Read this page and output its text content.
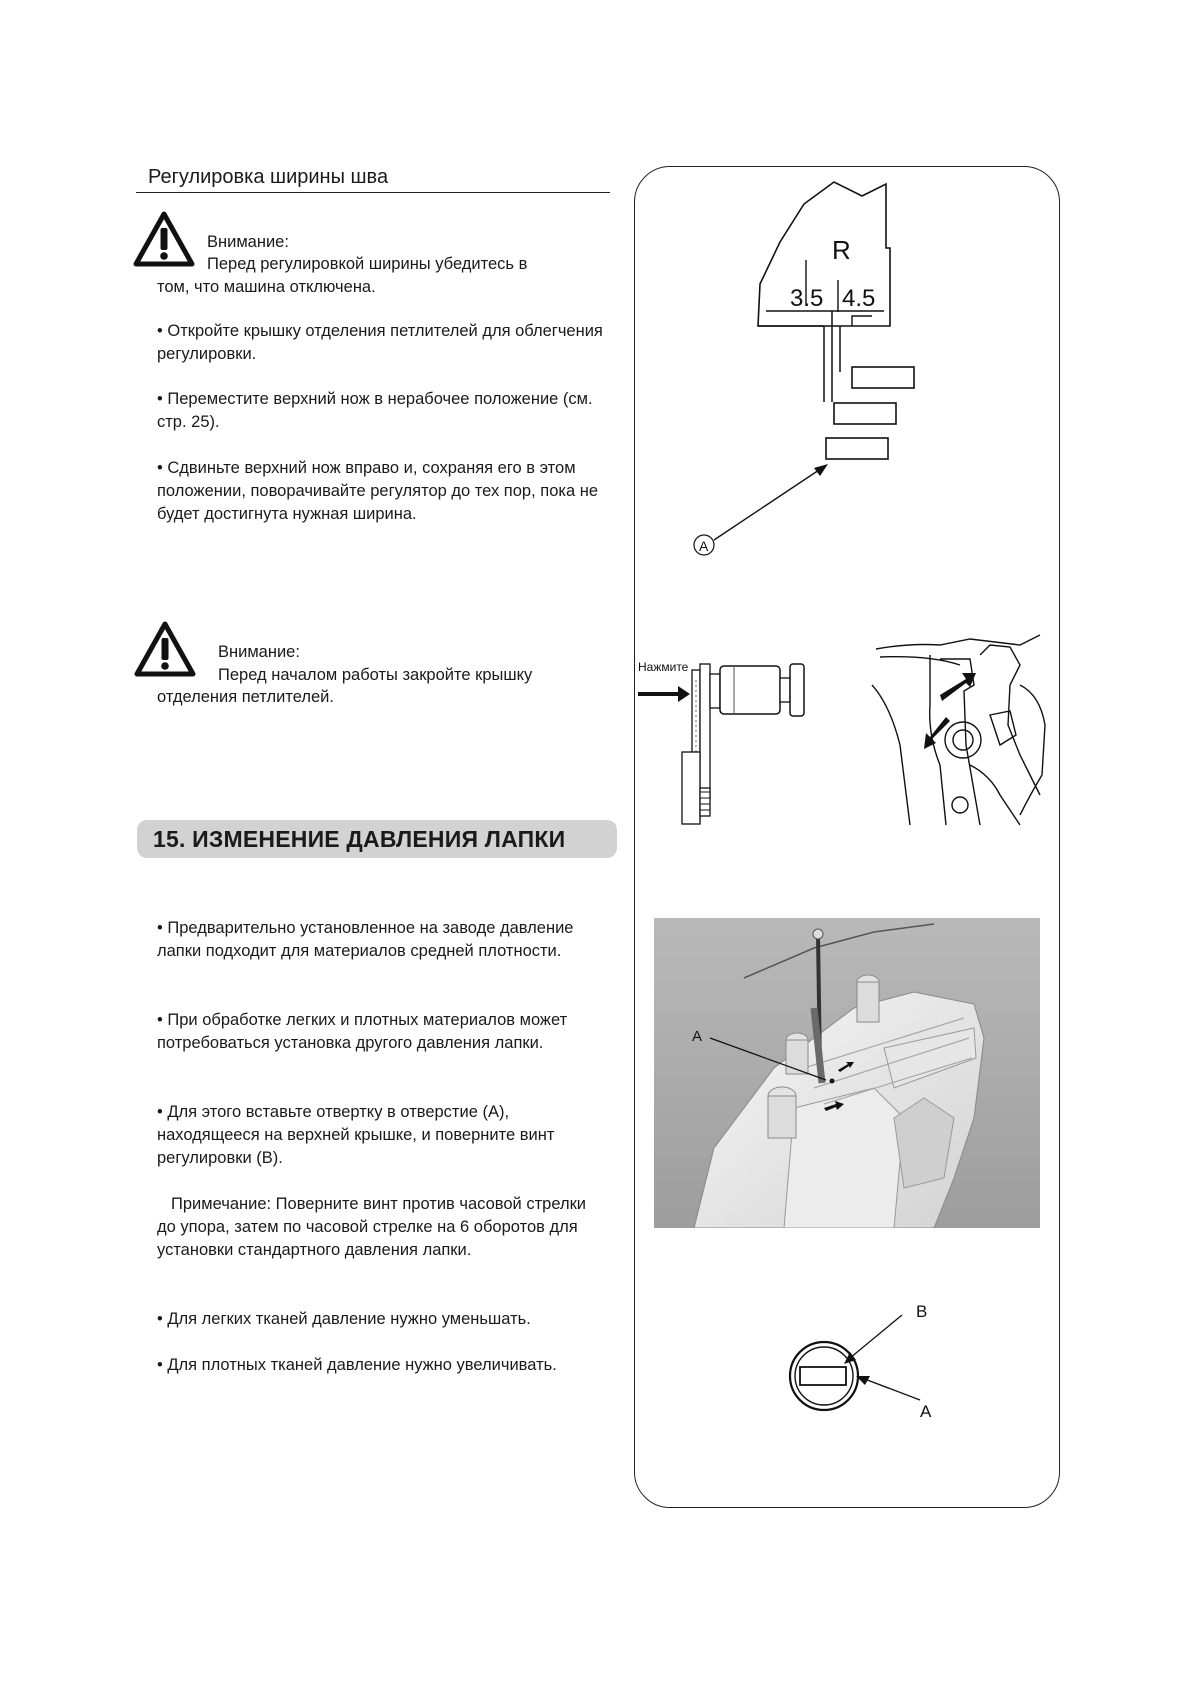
Регулировка ширины шва
Внимание:
Перед регулировкой ширины убедитесь в
том, что машина отключена.

• Откройте крышку отделения петлителей для облегчения регулировки.

• Переместите верхний нож в нерабочее положение (см. стр. 25).

• Сдвиньте верхний нож вправо и, сохраняя его в этом положении, поворачивайте регулятор до тех пор, пока не будет достигнута нужная ширина.

Внимание:
Перед началом работы закройте крышку
отделения петлителей.
15. ИЗМЕНЕНИЕ ДАВЛЕНИЯ ЛАПКИ

• Предварительно установленное на заводе давление лапки подходит для материалов средней плотности.

• При обработке легких и плотных материалов может потребоваться установка другого давления лапки.

• Для этого вставьте отвертку в отверстие (А), находящееся на верхней крышке, и поверните винт регулировки (В).

Примечание: Поверните винт против часовой стрелки до упора, затем по часовой стрелке на 6 оборотов для установки стандартного давления лапки.

• Для легких тканей давление нужно уменьшать.

• Для плотных тканей давление нужно увеличивать.

R
3.5 4.5
A
Нажмите
A
B
A
